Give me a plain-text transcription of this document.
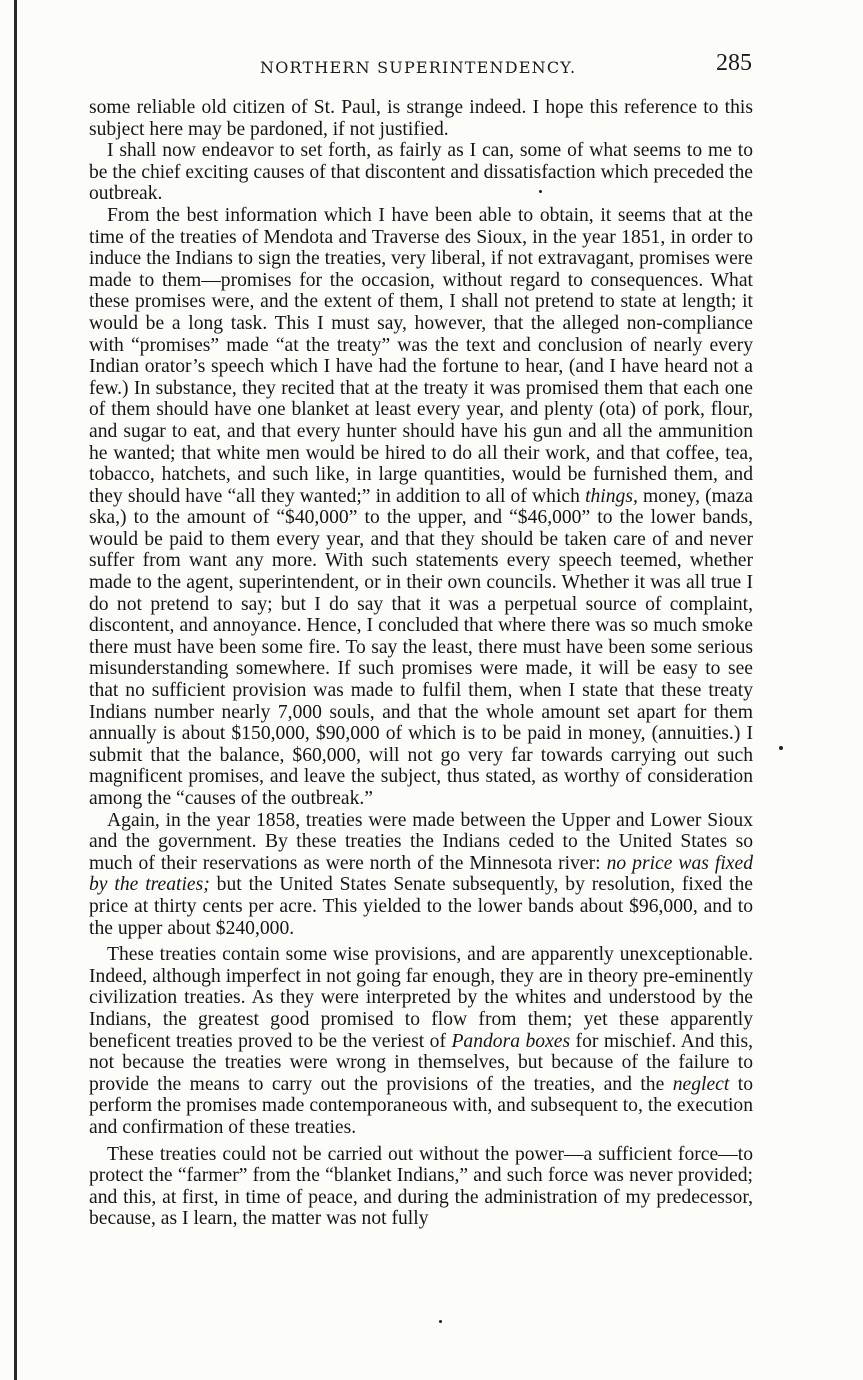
NORTHERN SUPERINTENDENCY.	285

some reliable old citizen of St. Paul, is strange indeed. I hope this reference to this subject here may be pardoned, if not justified.

I shall now endeavor to set forth, as fairly as I can, some of what seems to me to be the chief exciting causes of that discontent and dissatisfaction which preceded the outbreak.

From the best information which I have been able to obtain, it seems that at the time of the treaties of Mendota and Traverse des Sioux, in the year 1851, in order to induce the Indians to sign the treaties, very liberal, if not extravagant, promises were made to them—promises for the occasion, without regard to consequences. What these promises were, and the extent of them, I shall not pretend to state at length; it would be a long task. This I must say, however, that the alleged non-compliance with “promises” made “at the treaty” was the text and conclusion of nearly every Indian orator’s speech which I have had the fortune to hear, (and I have heard not a few.) In substance, they recited that at the treaty it was promised them that each one of them should have one blanket at least every year, and plenty (ota) of pork, flour, and sugar to eat, and that every hunter should have his gun and all the ammunition he wanted; that white men would be hired to do all their work, and that coffee, tea, tobacco, hatchets, and such like, in large quantities, would be furnished them, and they should have “all they wanted;” in addition to all of which things, money, (maza ska,) to the amount of “$40,000” to the upper, and “$46,000” to the lower bands, would be paid to them every year, and that they should be taken care of and never suffer from want any more. With such statements every speech teemed, whether made to the agent, superintendent, or in their own councils. Whether it was all true I do not pretend to say; but I do say that it was a perpetual source of complaint, discontent, and annoyance. Hence, I concluded that where there was so much smoke there must have been some fire. To say the least, there must have been some serious misunderstanding somewhere. If such promises were made, it will be easy to see that no sufficient provision was made to fulfil them, when I state that these treaty Indians number nearly 7,000 souls, and that the whole amount set apart for them annually is about $150,000, $90,000 of which is to be paid in money, (annuities.) I submit that the balance, $60,000, will not go very far towards carrying out such magnificent promises, and leave the subject, thus stated, as worthy of consideration among the “causes of the outbreak.”

Again, in the year 1858, treaties were made between the Upper and Lower Sioux and the government. By these treaties the Indians ceded to the United States so much of their reservations as were north of the Minnesota river: no price was fixed by the treaties; but the United States Senate subsequently, by resolution, fixed the price at thirty cents per acre. This yielded to the lower bands about $96,000, and to the upper about $240,000.

These treaties contain some wise provisions, and are apparently unexceptionable. Indeed, although imperfect in not going far enough, they are in theory pre-eminently civilization treaties. As they were interpreted by the whites and understood by the Indians, the greatest good promised to flow from them; yet these apparently beneficent treaties proved to be the veriest of Pandora boxes for mischief. And this, not because the treaties were wrong in themselves, but because of the failure to provide the means to carry out the provisions of the treaties, and the neglect to perform the promises made contemporaneous with, and subsequent to, the execution and confirmation of these treaties.

These treaties could not be carried out without the power—a sufficient force—to protect the “farmer” from the “blanket Indians,” and such force was never provided; and this, at first, in time of peace, and during the administration of my predecessor, because, as I learn, the matter was not fully
